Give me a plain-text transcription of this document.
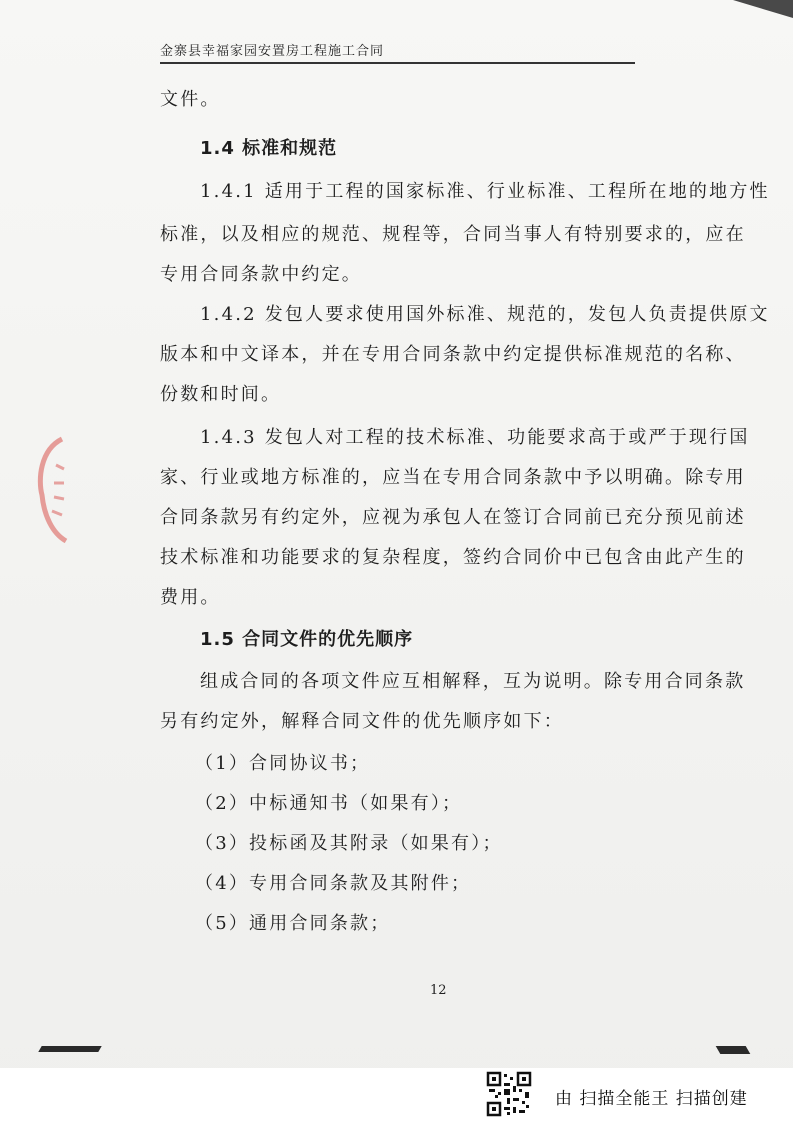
金寨县幸福家园安置房工程施工合同

文件。

1.4 标准和规范

1.4.1 适用于工程的国家标准、行业标准、工程所在地的地方性

标准，以及相应的规范、规程等，合同当事人有特别要求的，应在

专用合同条款中约定。

1.4.2 发包人要求使用国外标准、规范的，发包人负责提供原文

版本和中文译本，并在专用合同条款中约定提供标准规范的名称、

份数和时间。

1.4.3 发包人对工程的技术标准、功能要求高于或严于现行国

家、行业或地方标准的，应当在专用合同条款中予以明确。除专用

合同条款另有约定外，应视为承包人在签订合同前已充分预见前述

技术标准和功能要求的复杂程度，签约合同价中已包含由此产生的

费用。

1.5 合同文件的优先顺序

组成合同的各项文件应互相解释，互为说明。除专用合同条款

另有约定外，解释合同文件的优先顺序如下：

（1）合同协议书；

（2）中标通知书（如果有）；

（3）投标函及其附录（如果有）；

（4）专用合同条款及其附件；

（5）通用合同条款；

12
由 扫描全能王 扫描创建
